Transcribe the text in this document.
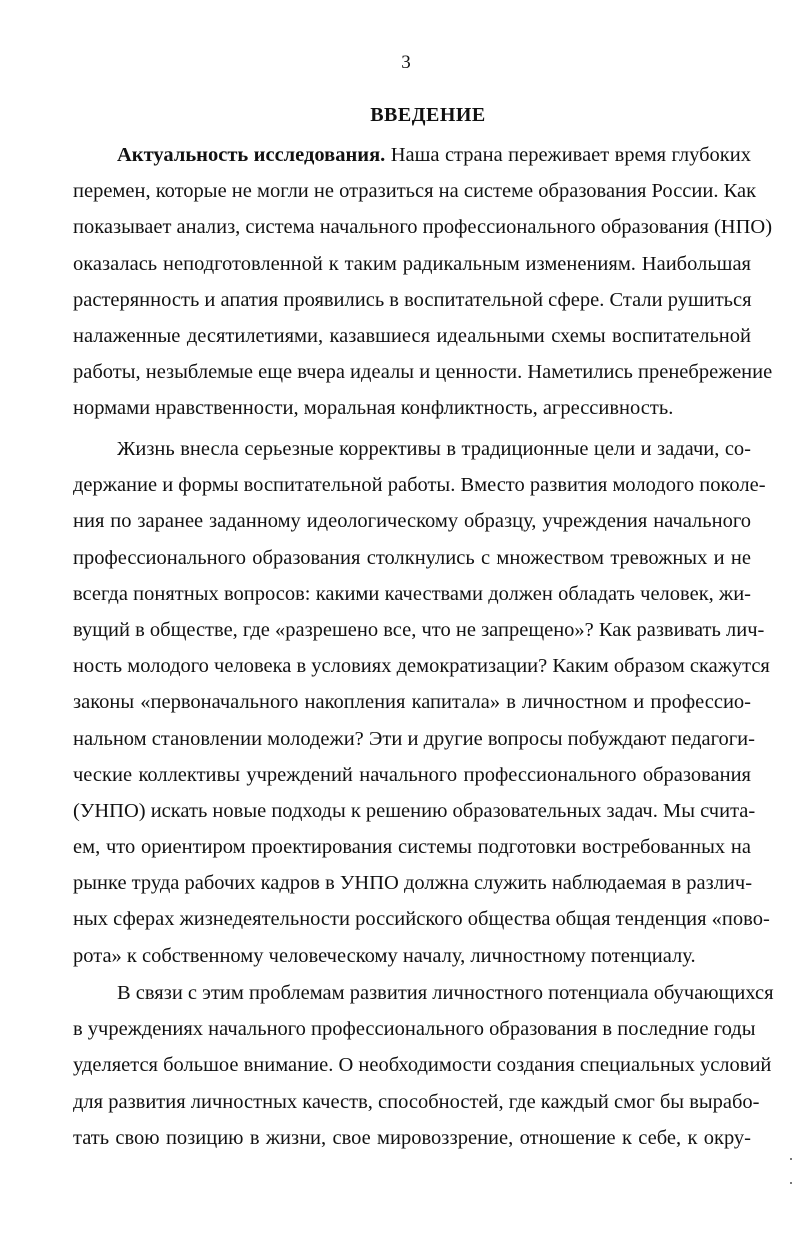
3
ВВЕДЕНИЕ
Актуальность исследования. Наша страна переживает время глубоких
перемен, которые не могли не отразиться на системе образования России. Как
показывает анализ, система начального профессионального образования (НПО)
оказалась неподготовленной к таким радикальным изменениям. Наибольшая
растерянность и апатия проявились в воспитательной сфере. Стали рушиться
налаженные десятилетиями, казавшиеся идеальными схемы воспитательной
работы, незыблемые еще вчера идеалы и ценности. Наметились пренебрежение
нормами нравственности, моральная конфликтность, агрессивность.
Жизнь внесла серьезные коррективы в традиционные цели и задачи, со-
держание и формы воспитательной работы. Вместо развития молодого поколе-
ния по заранее заданному идеологическому образцу, учреждения начального
профессионального образования столкнулись с множеством тревожных и не
всегда понятных вопросов: какими качествами должен обладать человек, жи-
вущий в обществе, где «разрешено все, что не запрещено»? Как развивать лич-
ность молодого человека в условиях демократизации? Каким образом скажутся
законы «первоначального накопления капитала» в личностном и профессио-
нальном становлении молодежи? Эти и другие вопросы побуждают педагоги-
ческие коллективы учреждений начального профессионального образования
(УНПО) искать новые подходы к решению образовательных задач. Мы счита-
ем, что ориентиром проектирования системы подготовки востребованных на
рынке труда рабочих кадров в УНПО должна служить наблюдаемая в различ-
ных сферах жизнедеятельности российского общества общая тенденция «пово-
рота» к собственному человеческому началу, личностному потенциалу.
В связи с этим проблемам развития личностного потенциала обучающихся
в учреждениях начального профессионального образования в последние годы
уделяется большое внимание. О необходимости создания специальных условий
для развития личностных качеств, способностей, где каждый смог бы вырабо-
тать свою позицию в жизни, свое мировоззрение, отношение к себе, к окру-
